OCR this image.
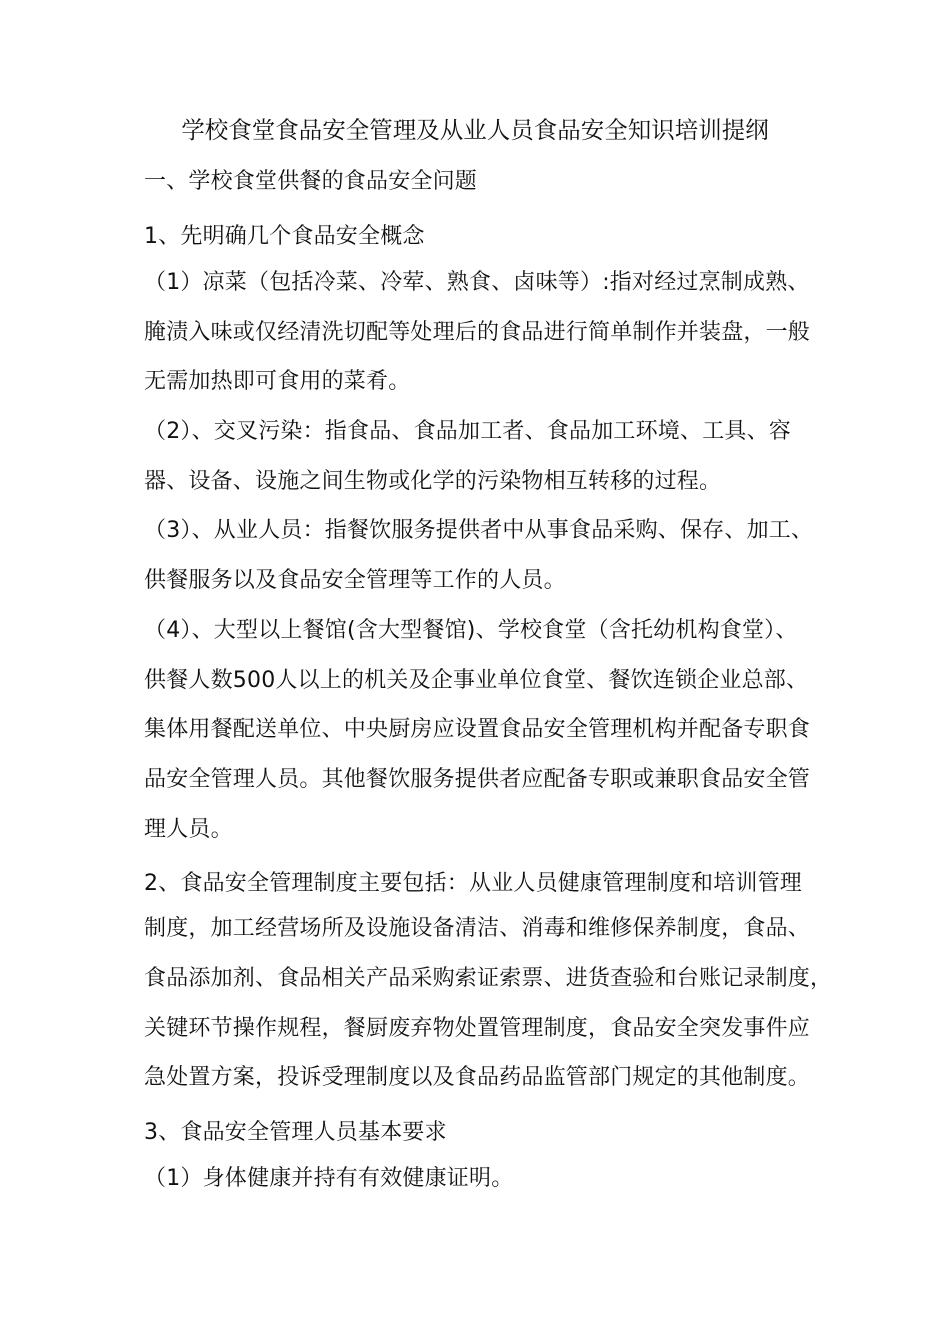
学校食堂食品安全管理及从业人员食品安全知识培训提纲
一、学校食堂供餐的食品安全问题
1、先明确几个食品安全概念
（1）凉菜（包括冷菜、冷荤、熟食、卤味等）:指对经过烹制成熟、
腌渍入味或仅经清洗切配等处理后的食品进行简单制作并装盘，一般
无需加热即可食用的菜肴。
（2）、交叉污染：指食品、食品加工者、食品加工环境、工具、容
器、设备、设施之间生物或化学的污染物相互转移的过程。
（3）、从业人员：指餐饮服务提供者中从事食品采购、保存、加工、
供餐服务以及食品安全管理等工作的人员。
（4）、大型以上餐馆(含大型餐馆)、学校食堂（含托幼机构食堂）、
供餐人数500人以上的机关及企事业单位食堂、餐饮连锁企业总部、
集体用餐配送单位、中央厨房应设置食品安全管理机构并配备专职食
品安全管理人员。其他餐饮服务提供者应配备专职或兼职食品安全管
理人员。
2、食品安全管理制度主要包括：从业人员健康管理制度和培训管理
制度，加工经营场所及设施设备清洁、消毒和维修保养制度，食品、
食品添加剂、食品相关产品采购索证索票、进货查验和台账记录制度，
关键环节操作规程，餐厨废弃物处置管理制度，食品安全突发事件应
急处置方案，投诉受理制度以及食品药品监管部门规定的其他制度。
3、食品安全管理人员基本要求
（1）身体健康并持有有效健康证明。
